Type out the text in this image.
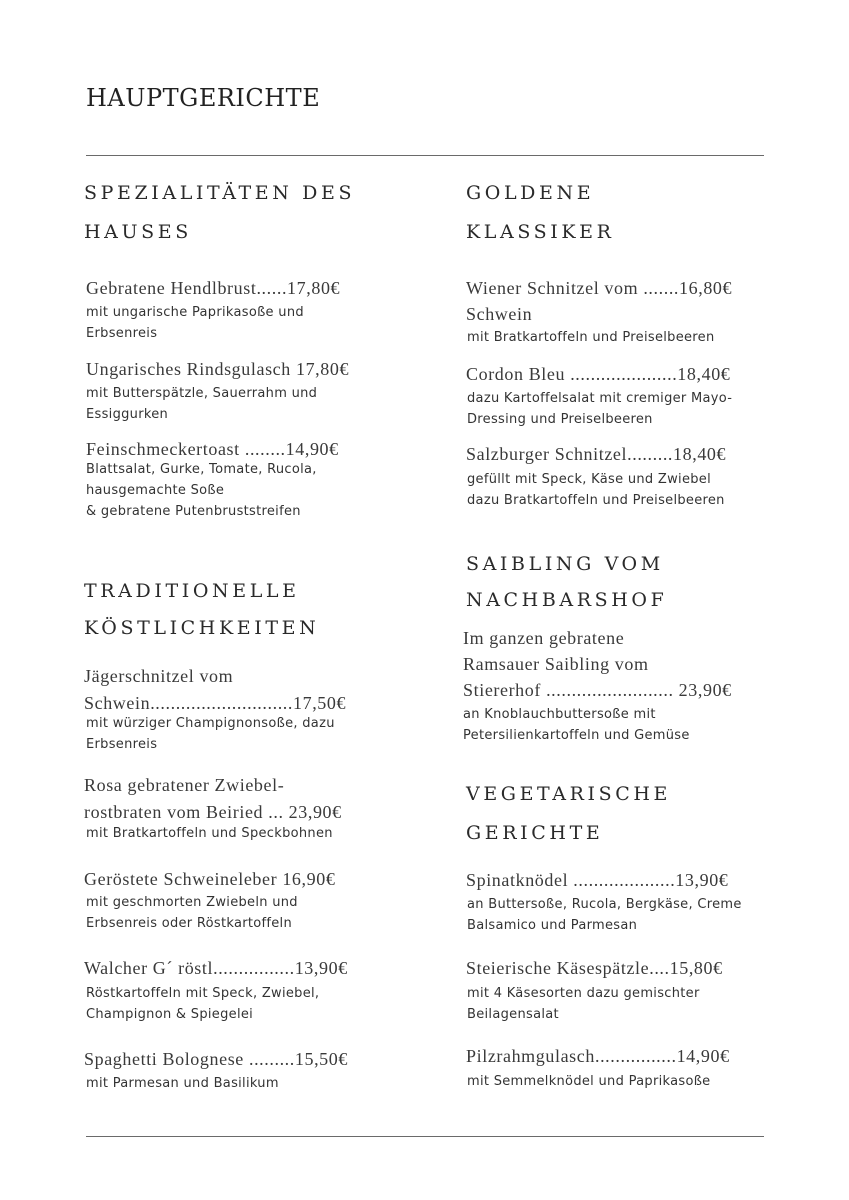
HAUPTGERICHTE
SPEZIALITÄTEN DES
HAUSES
Gebratene Hendlbrust......17,80€
mit ungarische Paprikasoße und
Erbsenreis
Ungarisches Rindsgulasch 17,80€
mit Butterspätzle, Sauerrahm und
Essiggurken
Feinschmeckertoast ........14,90€
Blattsalat, Gurke, Tomate, Rucola,
hausgemachte Soße
& gebratene Putenbruststreifen
TRADITIONELLE
KÖSTLICHKEITEN
Jägerschnitzel vom
Schwein............................17,50€
mit würziger Champignonsoße, dazu
Erbsenreis
Rosa gebratener Zwiebel-
rostbraten vom Beiried ... 23,90€
mit Bratkartoffeln und Speckbohnen
Geröstete Schweineleber 16,90€
mit geschmorten Zwiebeln und
Erbsenreis oder Röstkartoffeln
Walcher G´ röstl................13,90€
Röstkartoffeln mit Speck, Zwiebel,
Champignon & Spiegelei
Spaghetti Bolognese .........15,50€
mit Parmesan und Basilikum
GOLDENE
KLASSIKER
Wiener Schnitzel vom .......16,80€
Schwein
mit Bratkartoffeln und Preiselbeeren
Cordon Bleu .....................18,40€
dazu Kartoffelsalat mit cremiger Mayo-
Dressing und Preiselbeeren
Salzburger Schnitzel.........18,40€
gefüllt mit Speck, Käse und Zwiebel
dazu Bratkartoffeln und Preiselbeeren
SAIBLING VOM
NACHBARSHOF
Im ganzen gebratene
Ramsauer Saibling vom
Stiererhof ......................... 23,90€
an Knoblauchbuttersoße mit
Petersilienkartoffeln und Gemüse
VEGETARISCHE
GERICHTE
Spinatknödel ....................13,90€
an Buttersoße, Rucola, Bergkäse, Creme
Balsamico und Parmesan
Steierische Käsespätzle....15,80€
mit 4 Käsesorten dazu gemischter
Beilagensalat
Pilzrahmgulasch................14,90€
mit Semmelknödel und Paprikasoße
